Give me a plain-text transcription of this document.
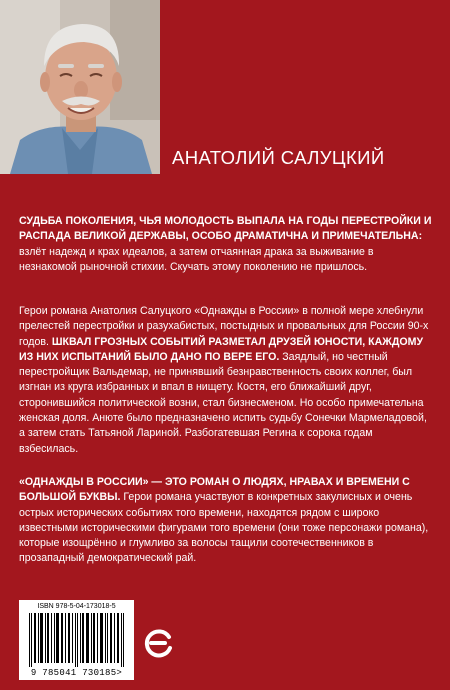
АНАТОЛИЙ САЛУЦКИЙ
СУДЬБА ПОКОЛЕНИЯ, ЧЬЯ МОЛОДОСТЬ ВЫПАЛА НА ГОДЫ ПЕРЕСТРОЙКИ И РАСПАДА ВЕЛИКОЙ ДЕРЖАВЫ, ОСОБО ДРАМАТИЧНА И ПРИМЕЧАТЕЛЬНА: взлёт надежд и крах идеалов, а затем отчаянная драка за выживание в незнакомой рыночной стихии. Скучать этому поколению не пришлось.
Герои романа Анатолия Салуцкого «Однажды в России» в полной мере хлебнули прелестей перестройки и разухабистых, постыдных и провальных для России 90-х годов. ШКВАЛ ГРОЗНЫХ СОБЫТИЙ РАЗМЕТАЛ ДРУЗЕЙ ЮНОСТИ, КАЖДОМУ ИЗ НИХ ИСПЫТАНИЙ БЫЛО ДАНО ПО ВЕРЕ ЕГО. Заядлый, но честный перестройщик Вальдемар, не принявший безнравственность своих коллег, был изгнан из круга избранных и впал в нищету. Костя, его ближайший друг, сторонившийся политической возни, стал бизнесменом. Но особо примечательна женская доля. Анюте было предназначено испить судьбу Сонечки Мармеладовой, а затем стать Татьяной Лариной. Разбогатевшая Регина к сорока годам взбесилась.
«ОДНАЖДЫ В РОССИИ» — ЭТО РОМАН О ЛЮДЯХ, НРАВАХ И ВРЕМЕНИ С БОЛЬШОЙ БУКВЫ. Герои романа участвуют в конкретных закулисных и очень острых исторических событиях того времени, находятся рядом с широко известными историческими фигурами того времени (они тоже персонажи романа), которые изощрённо и глумливо за волосы тащили соотечественников в прозападный демократический рай.
ISBN 978-5-04-173018-5
9 785041 730185>
